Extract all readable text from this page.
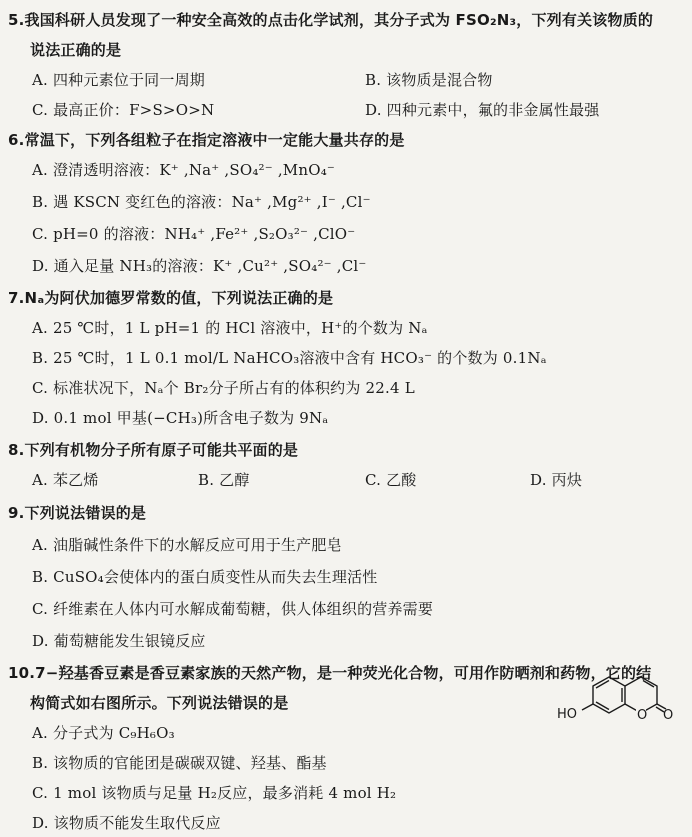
5.我国科研人员发现了一种安全高效的点击化学试剂，其分子式为 FSO₂N₃，下列有关该物质的
说法正确的是
A. 四种元素位于同一周期	B. 该物质是混合物
C. 最高正价：F>S>O>N	D. 四种元素中，氟的非金属性最强
6.常温下，下列各组粒子在指定溶液中一定能大量共存的是
A. 澄清透明溶液：K⁺ ,Na⁺ ,SO₄²⁻ ,MnO₄⁻
B. 遇 KSCN 变红色的溶液：Na⁺ ,Mg²⁺ ,I⁻ ,Cl⁻
C. pH=0 的溶液：NH₄⁺ ,Fe²⁺ ,S₂O₃²⁻ ,ClO⁻
D. 通入足量 NH₃的溶液：K⁺ ,Cu²⁺ ,SO₄²⁻ ,Cl⁻
7.Nₐ为阿伏加德罗常数的值，下列说法正确的是
A. 25 ℃时，1 L pH=1 的 HCl 溶液中，H⁺的个数为 Nₐ
B. 25 ℃时，1 L 0.1 mol/L NaHCO₃溶液中含有 HCO₃⁻ 的个数为 0.1Nₐ
C. 标准状况下，Nₐ个 Br₂分子所占有的体积约为 22.4 L
D. 0.1 mol 甲基(−CH₃)所含电子数为 9Nₐ
8.下列有机物分子所有原子可能共平面的是
A. 苯乙烯	B. 乙醇	C. 乙酸	D. 丙炔
9.下列说法错误的是
A. 油脂碱性条件下的水解反应可用于生产肥皂
B. CuSO₄会使体内的蛋白质变性从而失去生理活性
C. 纤维素在人体内可水解成葡萄糖，供人体组织的营养需要
D. 葡萄糖能发生银镜反应
10.7−羟基香豆素是香豆素家族的天然产物，是一种荧光化合物，可用作防晒剂和药物，它的结
构简式如右图所示。下列说法错误的是
A. 分子式为 C₉H₆O₃
B. 该物质的官能团是碳碳双键、羟基、酯基
C. 1 mol 该物质与足量 H₂反应，最多消耗 4 mol H₂
D. 该物质不能发生取代反应
HO	O O
